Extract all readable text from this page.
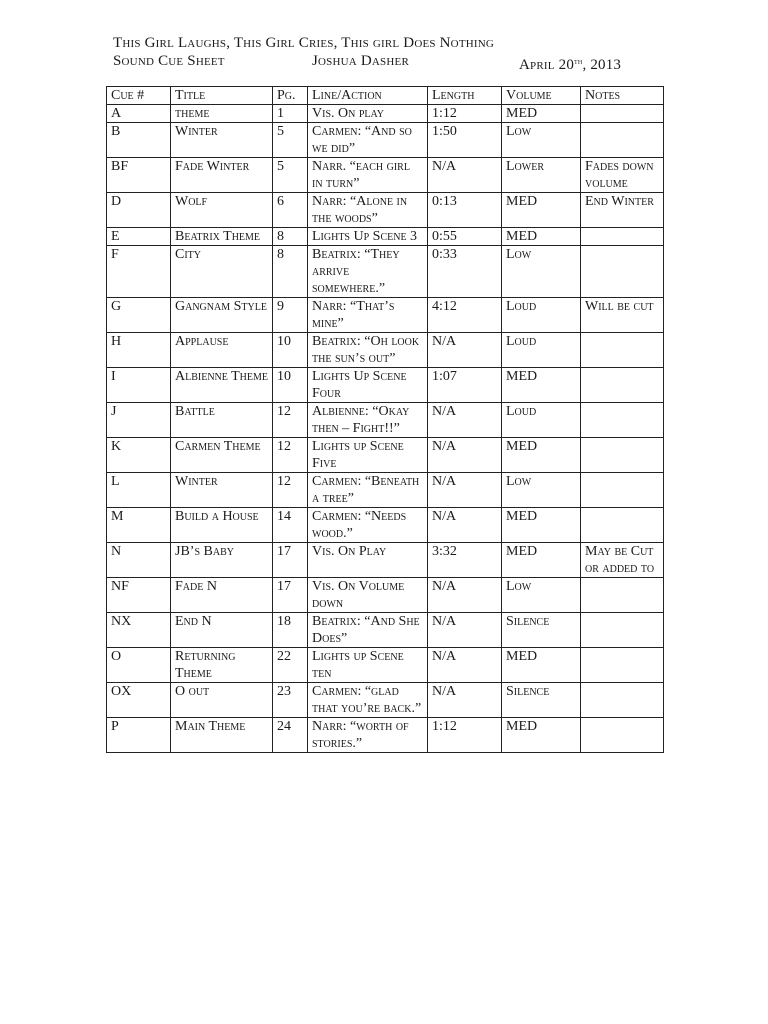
This Girl Laughs, This Girl Cries, This girl Does Nothing
Sound Cue Sheet	Joshua Dasher	April 20th, 2013
Cue #	Title	Pg.	Line/Action	Length	Volume	Notes
A	theme	1	Vis. On play	1:12	MED	
B	Winter	5	Carmen: “And so we did”	1:50	Low	
BF	Fade Winter	5	Narr. “each girl in turn”	N/A	Lower	Fades down volume
D	Wolf	6	Narr: “Alone in the woods”	0:13	MED	End Winter
E	Beatrix Theme	8	Lights Up Scene 3	0:55	MED	
F	City	8	Beatrix: “They arrive somewhere.”	0:33	Low	
G	Gangnam Style	9	Narr: “That’s mine”	4:12	Loud	Will be cut
H	Applause	10	Beatrix: “Oh look the sun’s out”	N/A	Loud	
I	Albienne Theme	10	Lights Up Scene Four	1:07	MED	
J	Battle	12	Albienne: “Okay then – Fight!!”	N/A	Loud	
K	Carmen Theme	12	Lights up Scene Five	N/A	MED	
L	Winter	12	Carmen: “Beneath a tree”	N/A	Low	
M	Build a House	14	Carmen: “Needs wood.”	N/A	MED	
N	JB’s Baby	17	Vis. On Play	3:32	MED	May be Cut or added to
NF	Fade N	17	Vis. On Volume down	N/A	Low	
NX	End N	18	Beatrix: “And She Does”	N/A	Silence	
O	Returning Theme	22	Lights up Scene ten	N/A	MED	
OX	O out	23	Carmen: “glad that you’re back.”	N/A	Silence	
P	Main Theme	24	Narr: “worth of stories.”	1:12	MED	
